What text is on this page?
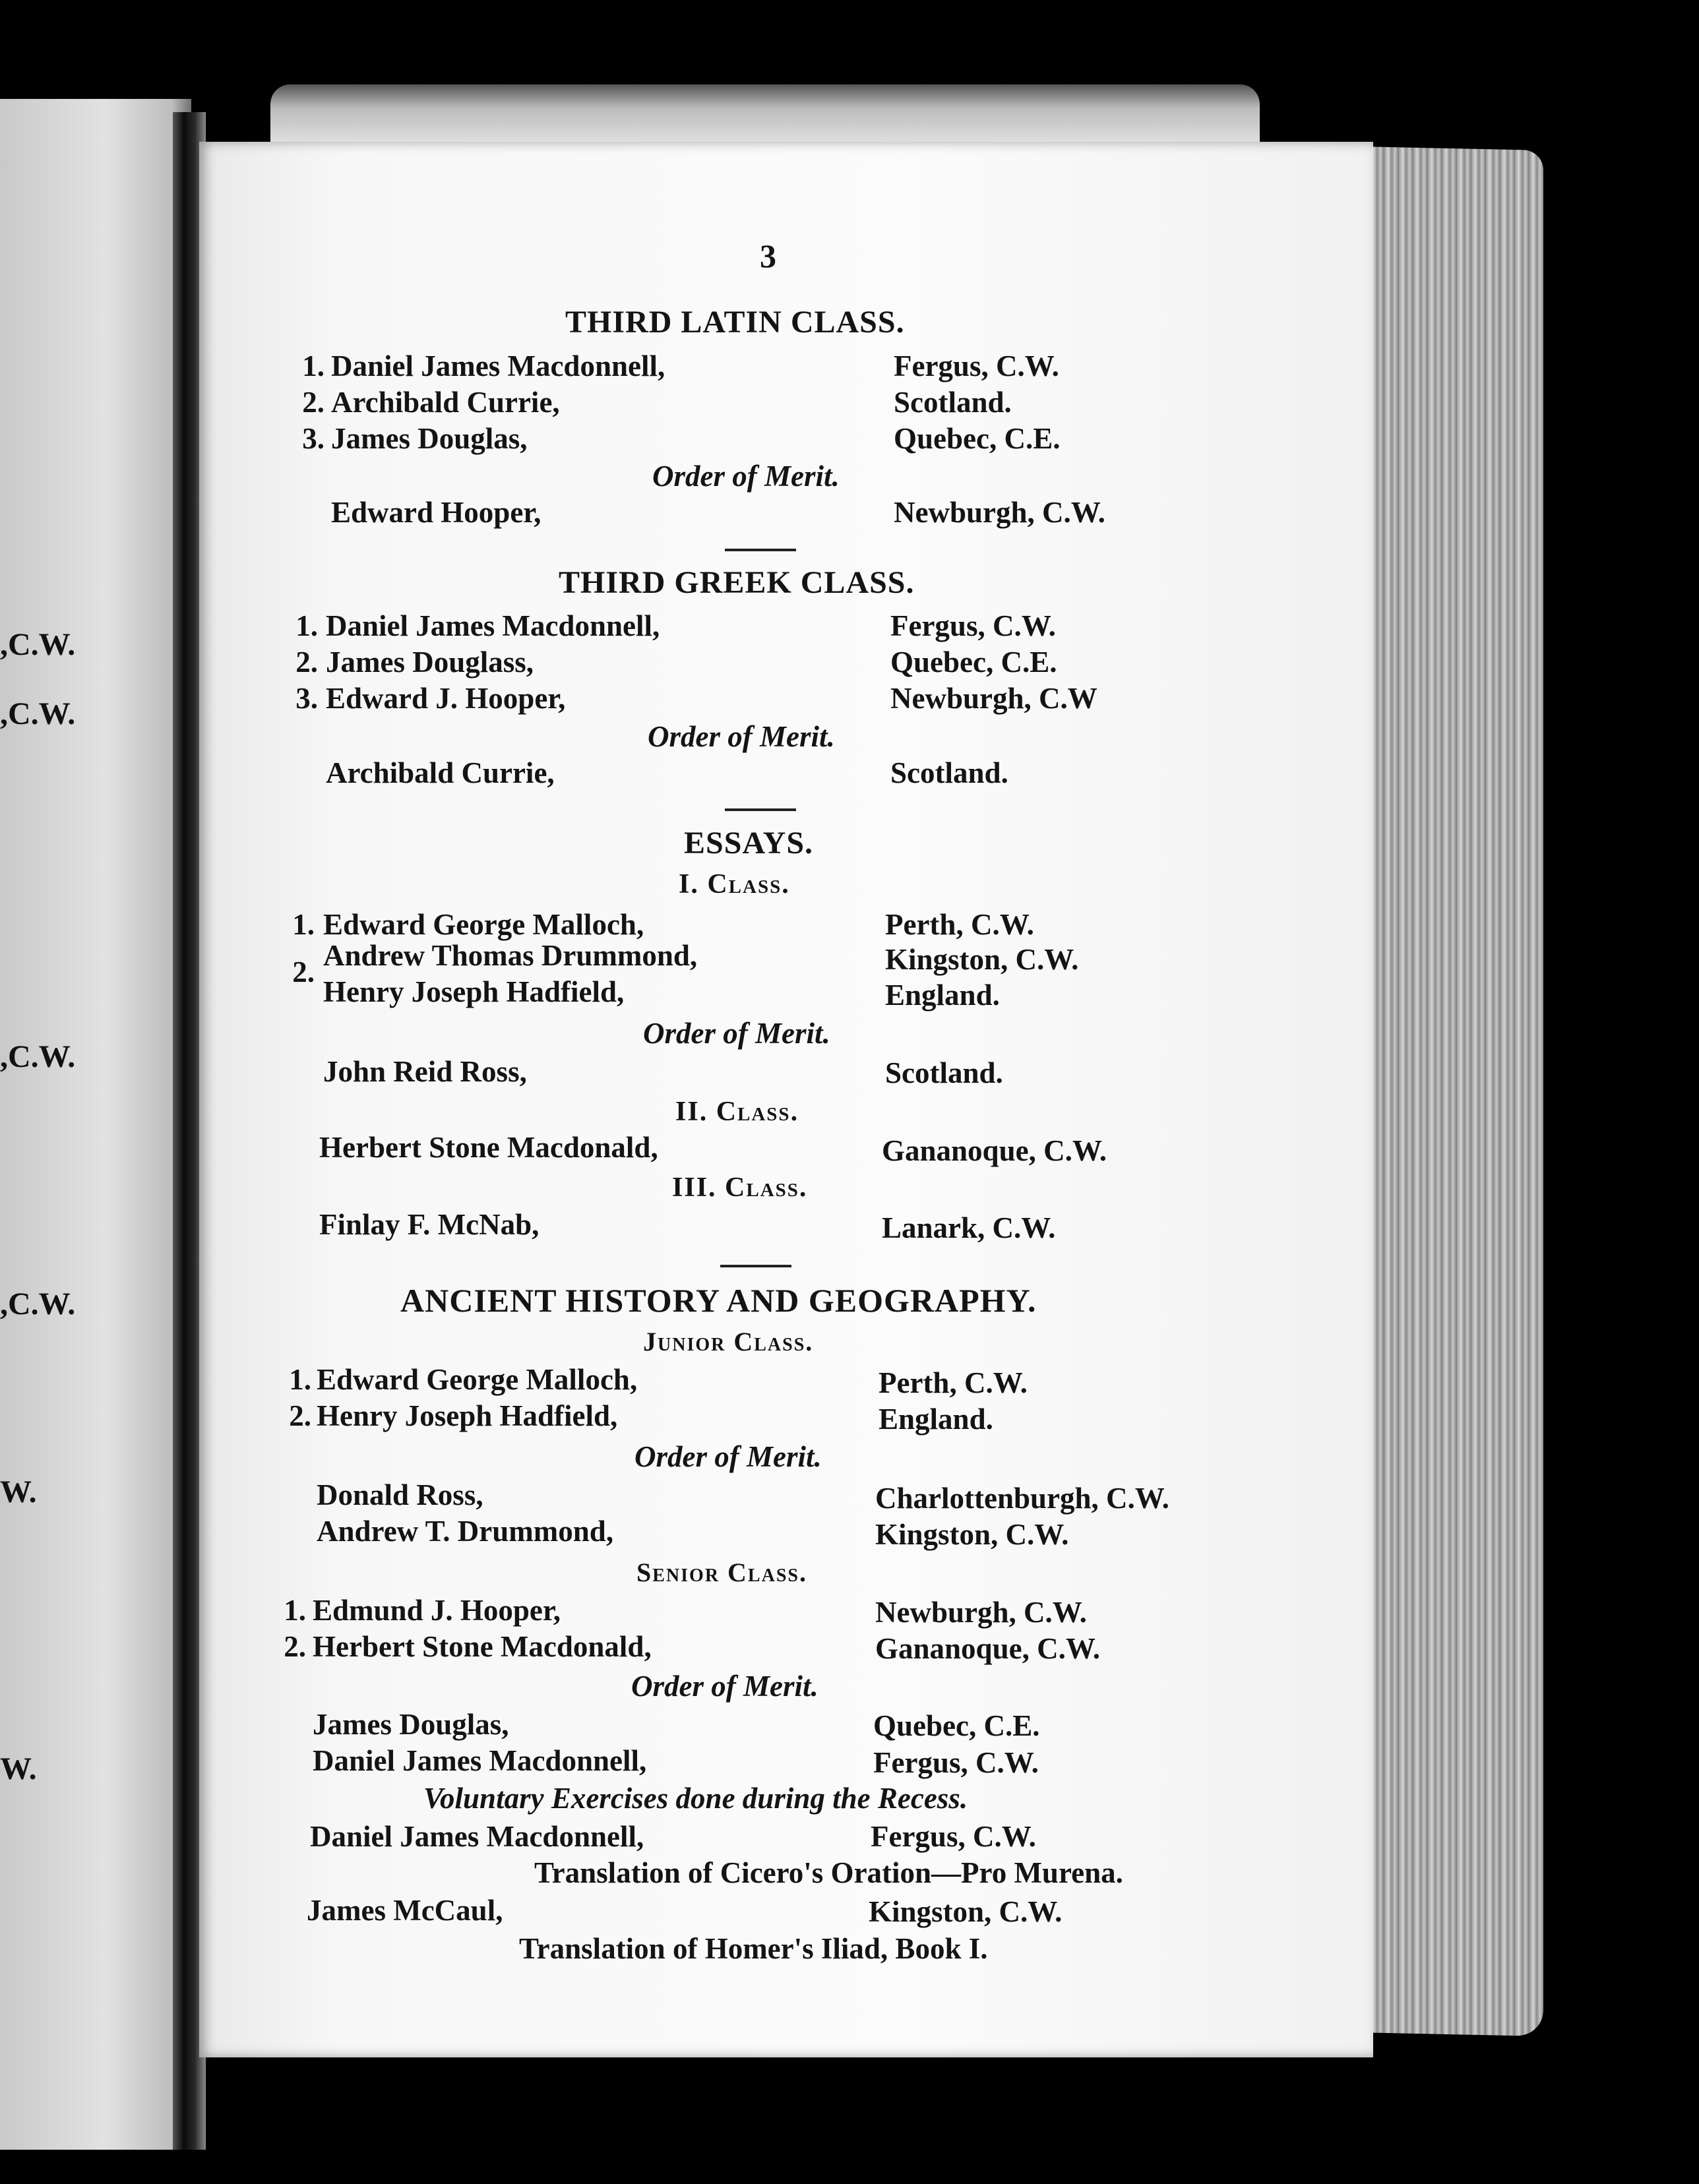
,C.W.
,C.W.
,C.W.
,C.W.
W.
W.
3
THIRD LATIN CLASS.
1. Daniel James Macdonnell,	Fergus, C.W.
2. Archibald Currie,	Scotland.
3. James Douglas,	Quebec, C.E.
Order of Merit.
Edward Hooper,	Newburgh, C.W.
THIRD GREEK CLASS.
1. Daniel James Macdonnell,	Fergus, C.W.
2. James Douglass,	Quebec, C.E.
3. Edward J. Hooper,	Newburgh, C.W
Order of Merit.
Archibald Currie,	Scotland.
ESSAYS.
I. Class.
1. Edward George Malloch,	Perth, C.W.
2. Andrew Thomas Drummond,	Kingston, C.W.
Henry Joseph Hadfield,	England.
Order of Merit.
John Reid Ross,	Scotland.
II. Class.
Herbert Stone Macdonald,	Gananoque, C.W.
III. Class.
Finlay F. McNab,	Lanark, C.W.
ANCIENT HISTORY AND GEOGRAPHY.
Junior Class.
1. Edward George Malloch,	Perth, C.W.
2. Henry Joseph Hadfield,	England.
Order of Merit.
Donald Ross,	Charlottenburgh, C.W.
Andrew T. Drummond,	Kingston, C.W.
Senior Class.
1. Edmund J. Hooper,	Newburgh, C.W.
2. Herbert Stone Macdonald,	Gananoque, C.W.
Order of Merit.
James Douglas,	Quebec, C.E.
Daniel James Macdonnell,	Fergus, C.W.
Voluntary Exercises done during the Recess.
Daniel James Macdonnell,	Fergus, C.W.
Translation of Cicero's Oration—Pro Murena.
James McCaul,	Kingston, C.W.
Translation of Homer's Iliad, Book I.
